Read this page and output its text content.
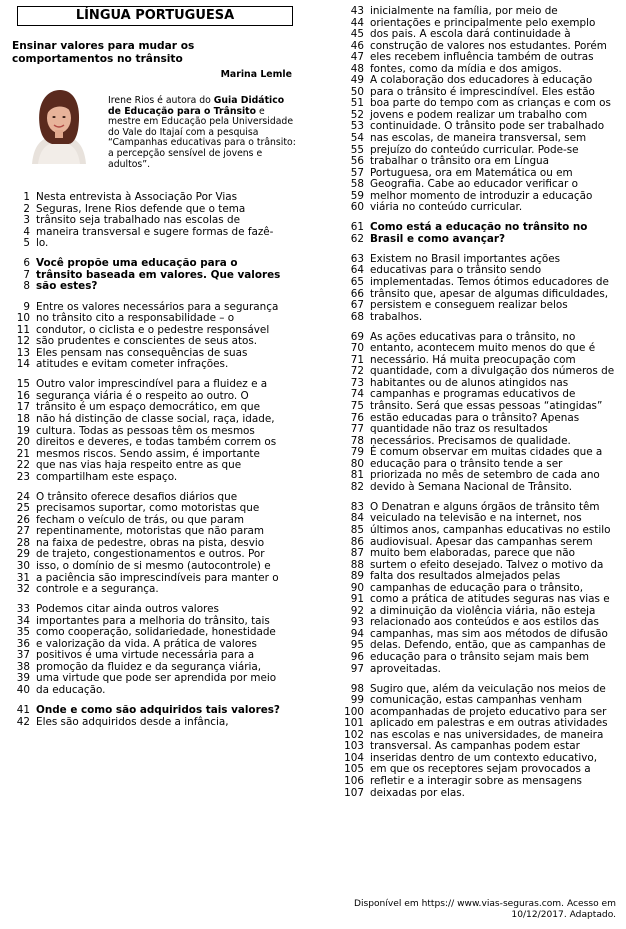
LÍNGUA PORTUGUESA
Ensinar valores para mudar os comportamentos no trânsito
Marina Lemle
Irene Rios é autora do Guia Didático de Educação para o Trânsito e mestre em Educação pela Universidade do Vale do Itajaí com a pesquisa “Campanhas educativas para o trânsito: a percepção sensível de jovens e adultos”.
1 Nesta entrevista à Associação Por Vias
2 Seguras, Irene Rios defende que o tema
3 trânsito seja trabalhado nas escolas de
4 maneira transversal e sugere formas de fazê-
5 lo.
6 Você propõe uma educação para o
7 trânsito baseada em valores. Que valores
8 são estes?
9 Entre os valores necessários para a segurança
10 no trânsito cito a responsabilidade – o
11 condutor, o ciclista e o pedestre responsável
12 são prudentes e conscientes de seus atos.
13 Eles pensam nas consequências de suas
14 atitudes e evitam cometer infrações.
15 Outro valor imprescindível para a fluidez e a
16 segurança viária é o respeito ao outro. O
17 trânsito é um espaço democrático, em que
18 não há distinção de classe social, raça, idade,
19 cultura. Todas as pessoas têm os mesmos
20 direitos e deveres, e todas também correm os
21 mesmos riscos. Sendo assim, é importante
22 que nas vias haja respeito entre as que
23 compartilham este espaço.
24 O trânsito oferece desafios diários que
25 precisamos suportar, como motoristas que
26 fecham o veículo de trás, ou que param
27 repentinamente, motoristas que não param
28 na faixa de pedestre, obras na pista, desvio
29 de trajeto, congestionamentos e outros. Por
30 isso, o domínio de si mesmo (autocontrole) e
31 a paciência são imprescindíveis para manter o
32 controle e a segurança.
33 Podemos citar ainda outros valores
34 importantes para a melhoria do trânsito, tais
35 como cooperação, solidariedade, honestidade
36 e valorização da vida. A prática de valores
37 positivos é uma virtude necessária para a
38 promoção da fluidez e da segurança viária,
39 uma virtude que pode ser aprendida por meio
40 da educação.
41 Onde e como são adquiridos tais valores?
42 Eles são adquiridos desde a infância,
43 inicialmente na família, por meio de
44 orientações e principalmente pelo exemplo
45 dos pais. A escola dará continuidade à
46 construção de valores nos estudantes. Porém
47 eles recebem influência também de outras
48 fontes, como da mídia e dos amigos.
49 A colaboração dos educadores à educação
50 para o trânsito é imprescindível. Eles estão
51 boa parte do tempo com as crianças e com os
52 jovens e podem realizar um trabalho com
53 continuidade. O trânsito pode ser trabalhado
54 nas escolas, de maneira transversal, sem
55 prejuízo do conteúdo curricular. Pode-se
56 trabalhar o trânsito ora em Língua
57 Portuguesa, ora em Matemática ou em
58 Geografia. Cabe ao educador verificar o
59 melhor momento de introduzir a educação
60 viária no conteúdo curricular.
61 Como está a educação no trânsito no
62 Brasil e como avançar?
63 Existem no Brasil importantes ações
64 educativas para o trânsito sendo
65 implementadas. Temos ótimos educadores de
66 trânsito que, apesar de algumas dificuldades,
67 persistem e conseguem realizar belos
68 trabalhos.
69 As ações educativas para o trânsito, no
70 entanto, acontecem muito menos do que é
71 necessário. Há muita preocupação com
72 quantidade, com a divulgação dos números de
73 habitantes ou de alunos atingidos nas
74 campanhas e programas educativos de
75 trânsito. Será que essas pessoas “atingidas”
76 estão educadas para o trânsito? Apenas
77 quantidade não traz os resultados
78 necessários. Precisamos de qualidade.
79 É comum observar em muitas cidades que a
80 educação para o trânsito tende a ser
81 priorizada no mês de setembro de cada ano
82 devido à Semana Nacional de Trânsito.
83 O Denatran e alguns órgãos de trânsito têm
84 veiculado na televisão e na internet, nos
85 últimos anos, campanhas educativas no estilo
86 audiovisual. Apesar das campanhas serem
87 muito bem elaboradas, parece que não
88 surtem o efeito desejado. Talvez o motivo da
89 falta dos resultados almejados pelas
90 campanhas de educação para o trânsito,
91 como a prática de atitudes seguras nas vias e
92 a diminuição da violência viária, não esteja
93 relacionado aos conteúdos e aos estilos das
94 campanhas, mas sim aos métodos de difusão
95 delas. Defendo, então, que as campanhas de
96 educação para o trânsito sejam mais bem
97 aproveitadas.
98 Sugiro que, além da veiculação nos meios de
99 comunicação, estas campanhas venham
100 acompanhadas de projeto educativo para ser
101 aplicado em palestras e em outras atividades
102 nas escolas e nas universidades, de maneira
103 transversal. As campanhas podem estar
104 inseridas dentro de um contexto educativo,
105 em que os receptores sejam provocados a
106 refletir e a interagir sobre as mensagens
107 deixadas por elas.
Disponível em https:// www.vias-seguras.com. Acesso em
10/12/2017. Adaptado.
